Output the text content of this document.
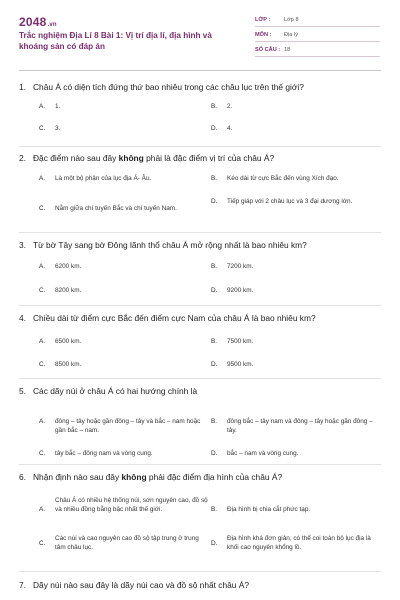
2048.vn
Trắc nghiệm Địa Lí 8 Bài 1: Vị trí địa lí, địa hình và khoáng sản có đáp án
LỚP : Lớp 8
MÔN : Địa lý
SỐ CÂU : 18
1. Châu Á có diện tích đứng thứ bao nhiêu trong các châu lục trên thế giới?
A.	1.	B.	2.
C.	3.	D.	4.
2. Đặc điểm nào sau đây không phải là đặc điểm vị trí của châu Á?
A.	Là một bộ phận của lục địa Á- Âu.	B.	Kéo dài từ cực Bắc đến vùng Xích đạo.
C.	Nằm giữa chí tuyến Bắc và chí tuyến Nam.
D.	Tiếp giáp với 2 châu lục và 3 đại dương lớn.
3. Từ bờ Tây sang bờ Đông lãnh thổ châu Á mở rộng nhất là bao nhiêu km?
A.	6200 km.	B.	7200 km.
C.	8200 km.	D.	9200 km.
4. Chiều dài từ điểm cực Bắc đến điểm cực Nam của châu Á là bao nhiêu km?
A.	6500 km.	B.	7500 km.
C.	8500 km.	D.	9500 km.
5. Các dãy núi ở châu Á có hai hướng chính là
A.	đông – tây hoặc gần đông – tây và bắc – nam hoặc gần bắc – nam.
B.	đông bắc – tây nam và đông – tây hoặc gần đông – tây.
C.	tây bắc – đông nam và vòng cung.	D.	bắc – nam và vòng cung.
6. Nhận định nào sau đây không phải đặc điểm địa hình của châu Á?
A.
Châu Á có nhiều hệ thống núi, sơn nguyên cao, đồ sộ và nhiều đồng bằng bậc nhất thế giới.	B.	Địa hình bị chia cắt phức tạp.
C.
Các núi và cao nguyên cao đồ sộ tập trung ở trung tâm châu lục.
D.
Địa hình khá đơn giản, có thể coi toàn bộ lục địa là khối cao nguyên khổng lồ.
7. Dãy núi nào sau đây là dãy núi cao và đồ sộ nhất châu Á?
